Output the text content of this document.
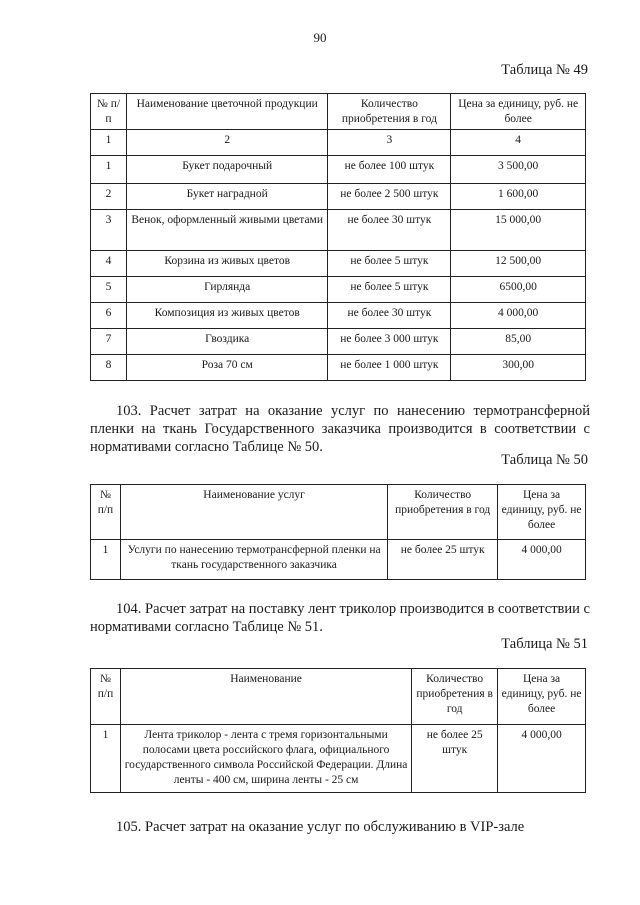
90
Таблица № 49
№ п/п	Наименование цветочной продукции	Количество приобретения в год	Цена за единицу, руб. не более
1	2	3	4
1	Букет подарочный	не более 100 штук	3 500,00
2	Букет наградной	не более 2 500 штук	1 600,00
3	Венок, оформленный живыми цветами	не более 30 штук	15 000,00
4	Корзина из живых цветов	не более 5 штук	12 500,00
5	Гирлянда	не более 5 штук	6500,00
6	Композиция из живых цветов	не более 30 штук	4 000,00
7	Гвоздика	не более 3 000 штук	85,00
8	Роза 70 см	не более 1 000 штук	300,00
103. Расчет затрат на оказание услуг по нанесению термотрансферной пленки на ткань Государственного заказчика производится в соответствии с нормативами согласно Таблице № 50.
Таблица № 50
№ п/п	Наименование услуг	Количество приобретения в год	Цена за единицу, руб. не более
1	Услуги по нанесению термотрансферной пленки на ткань государственного заказчика	не более 25 штук	4 000,00
104. Расчет затрат на поставку лент триколор производится в соответствии с нормативами согласно Таблице № 51.
Таблица № 51
№ п/п	Наименование	Количество приобретения в год	Цена за единицу, руб. не более
1	Лента триколор - лента с тремя горизонтальными полосами цвета российского флага, официального государственного символа Российской Федерации. Длина ленты - 400 см, ширина ленты - 25 см	не более 25 штук	4 000,00
105. Расчет затрат на оказание услуг по обслуживанию в VIP-зале
